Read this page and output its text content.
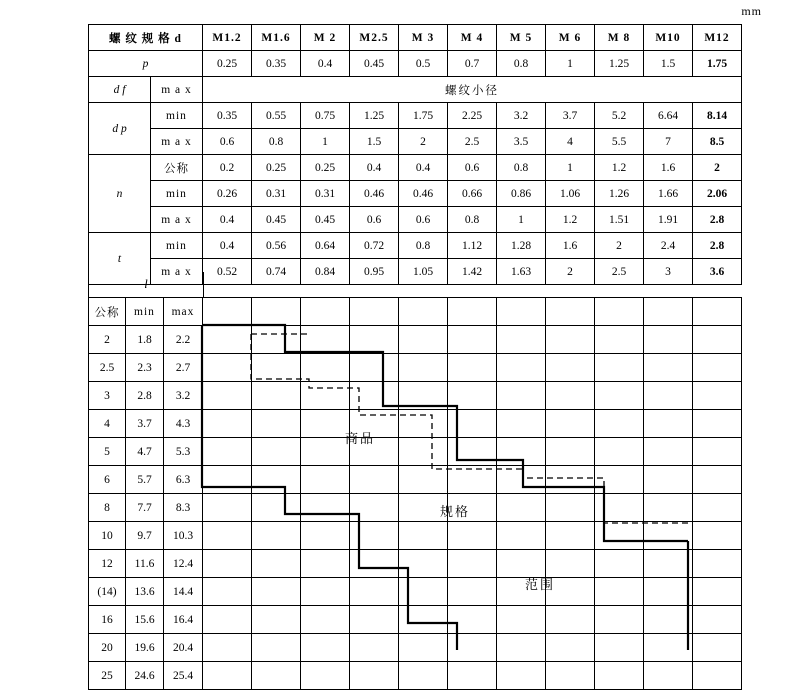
mm
螺 纹 规 格 d		M1.2	M1.6	M 2	M2.5	M 3	M 4	M 5	M 6	M 8	M10	M12
p		0.25	0.35	0.4	0.45	0.5	0.7	0.8	1	1.25	1.5	1.75
d f	m a x	螺纹小径										
d p	min	0.35	0.55	0.75	1.25	1.75	2.25	3.2	3.7	5.2	6.64	8.14
	m a x	0.6	0.8	1	1.5	2	2.5	3.5	4	5.5	7	8.5
n	公称	0.2	0.25	0.25	0.4	0.4	0.6	0.8	1	1.2	1.6	2
	min	0.26	0.31	0.31	0.46	0.46	0.66	0.86	1.06	1.26	1.66	2.06
	m a x	0.4	0.45	0.45	0.6	0.6	0.8	1	1.2	1.51	1.91	2.8
t	min	0.4	0.56	0.64	0.72	0.8	1.12	1.28	1.6	2	2.4	2.8
	m a x	0.52	0.74	0.84	0.95	1.05	1.42	1.63	2	2.5	3	3.6
l
公称	min	max											
2	1.8	2.2											
2.5	2.3	2.7											
3	2.8	3.2											
4	3.7	4.3											
5	4.7	5.3											
6	5.7	6.3											
8	7.7	8.3											
10	9.7	10.3											
12	11.6	12.4											
(14)	13.6	14.4											
16	15.6	16.4											
20	19.6	20.4											
25	24.6	25.4											
商品
规格
范围
